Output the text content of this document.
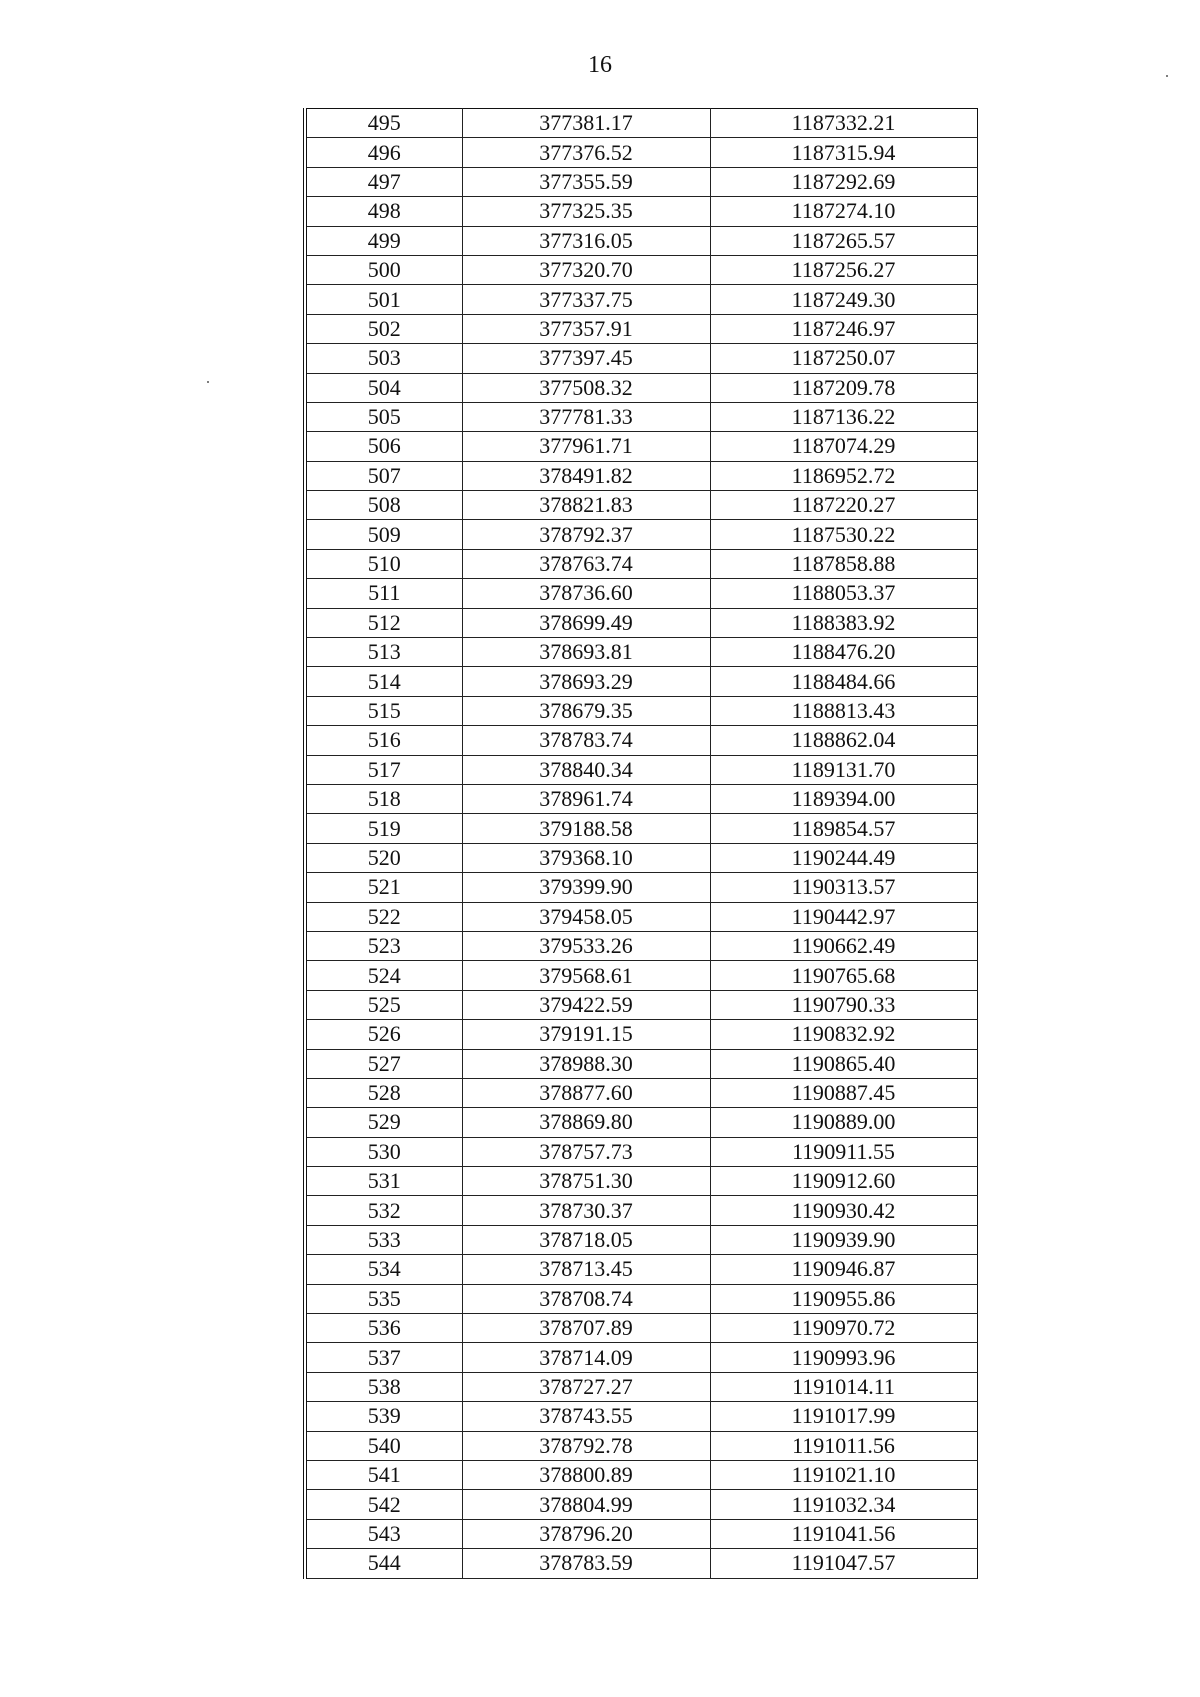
16
495	377381.17	1187332.21
496	377376.52	1187315.94
497	377355.59	1187292.69
498	377325.35	1187274.10
499	377316.05	1187265.57
500	377320.70	1187256.27
501	377337.75	1187249.30
502	377357.91	1187246.97
503	377397.45	1187250.07
504	377508.32	1187209.78
505	377781.33	1187136.22
506	377961.71	1187074.29
507	378491.82	1186952.72
508	378821.83	1187220.27
509	378792.37	1187530.22
510	378763.74	1187858.88
511	378736.60	1188053.37
512	378699.49	1188383.92
513	378693.81	1188476.20
514	378693.29	1188484.66
515	378679.35	1188813.43
516	378783.74	1188862.04
517	378840.34	1189131.70
518	378961.74	1189394.00
519	379188.58	1189854.57
520	379368.10	1190244.49
521	379399.90	1190313.57
522	379458.05	1190442.97
523	379533.26	1190662.49
524	379568.61	1190765.68
525	379422.59	1190790.33
526	379191.15	1190832.92
527	378988.30	1190865.40
528	378877.60	1190887.45
529	378869.80	1190889.00
530	378757.73	1190911.55
531	378751.30	1190912.60
532	378730.37	1190930.42
533	378718.05	1190939.90
534	378713.45	1190946.87
535	378708.74	1190955.86
536	378707.89	1190970.72
537	378714.09	1190993.96
538	378727.27	1191014.11
539	378743.55	1191017.99
540	378792.78	1191011.56
541	378800.89	1191021.10
542	378804.99	1191032.34
543	378796.20	1191041.56
544	378783.59	1191047.57
